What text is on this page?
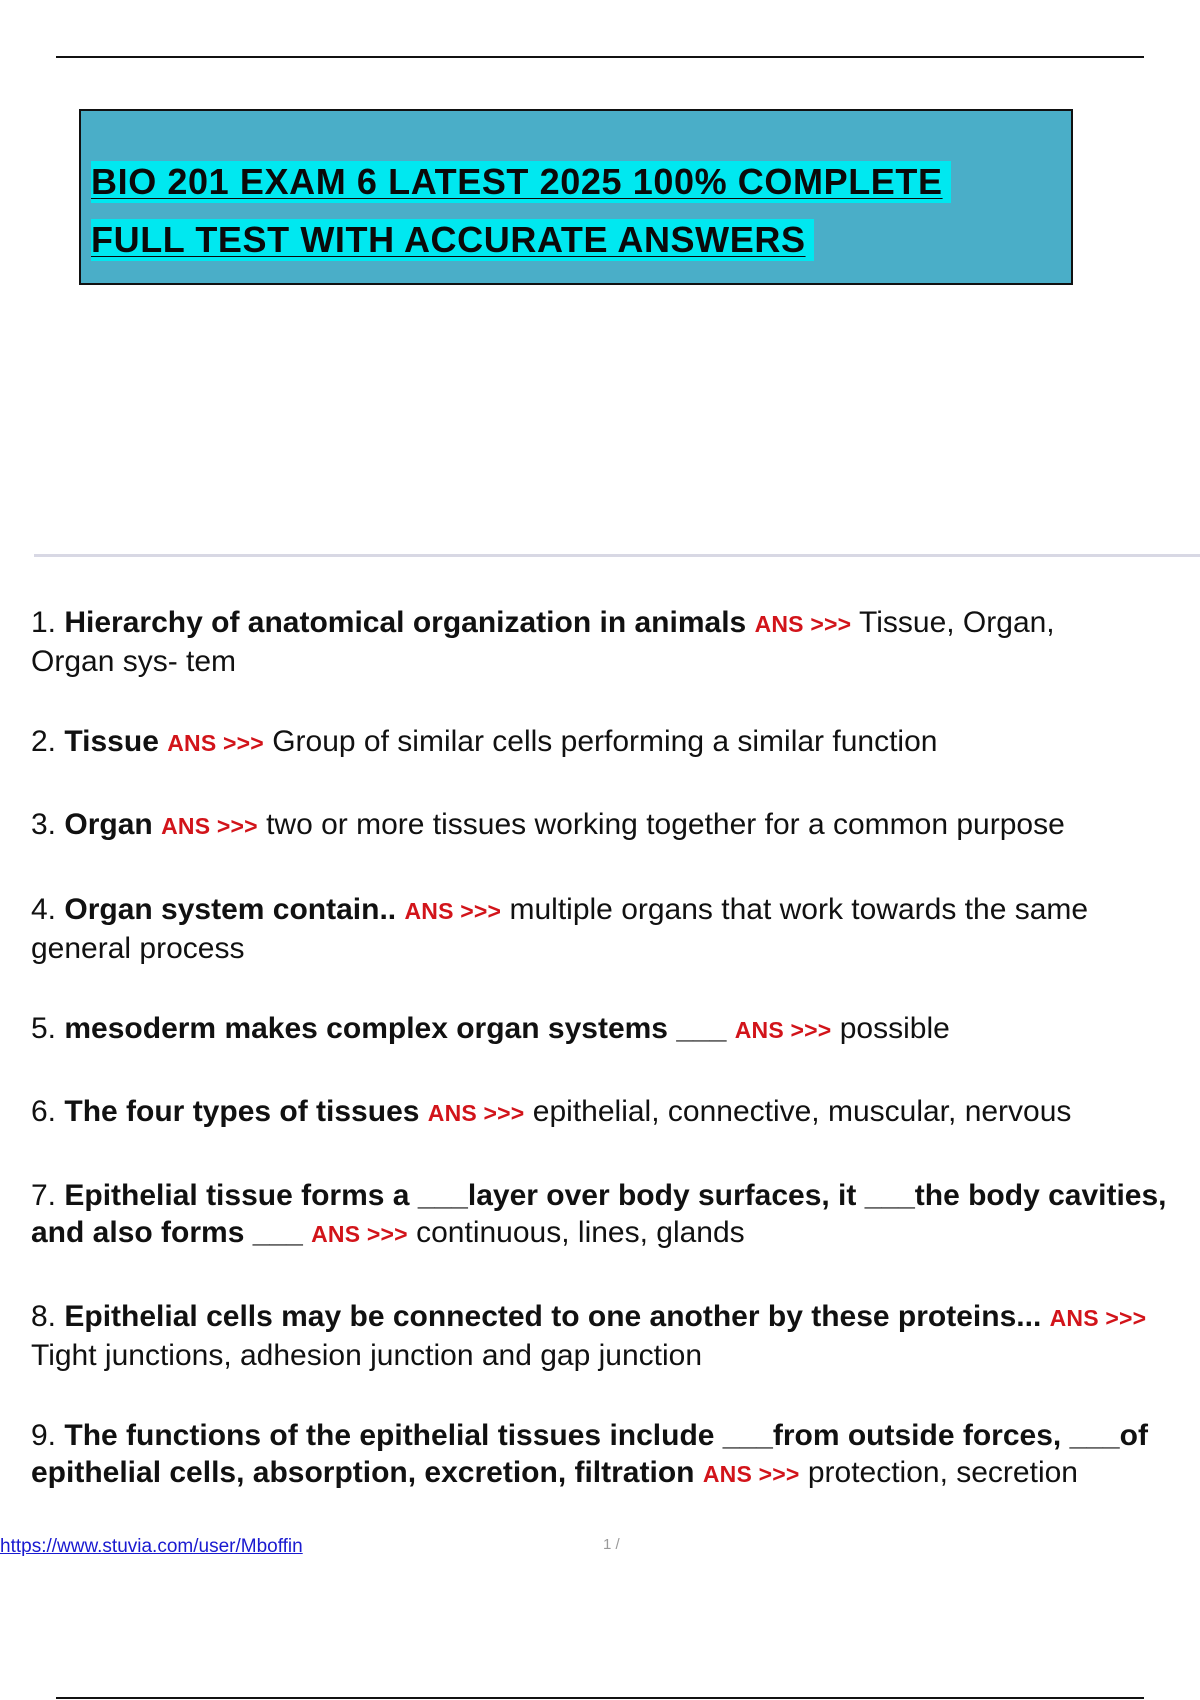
BIO 201 EXAM 6 LATEST 2025 100% COMPLETE
FULL TEST WITH ACCURATE ANSWERS
1. Hierarchy of anatomical organization in animals ANS >>> Tissue, Organ,
Organ sys- tem
2. Tissue ANS >>> Group of similar cells performing a similar function
3. Organ ANS >>> two or more tissues working together for a common purpose
4. Organ system contain.. ANS >>> multiple organs that work towards the same
general process
5. mesoderm makes complex organ systems ___ ANS >>> possible
6. The four types of tissues ANS >>> epithelial, connective, muscular, nervous
7. Epithelial tissue forms a ___layer over body surfaces, it ___the body cavities,
and also forms ___ ANS >>> continuous, lines, glands
8. Epithelial cells may be connected to one another by these proteins... ANS >>>
Tight junctions, adhesion junction and gap junction
9. The functions of the epithelial tissues include ___from outside forces, ___of
epithelial cells, absorption, excretion, filtration ANS >>> protection, secretion
https://www.stuvia.com/user/Mboffin	1 /
